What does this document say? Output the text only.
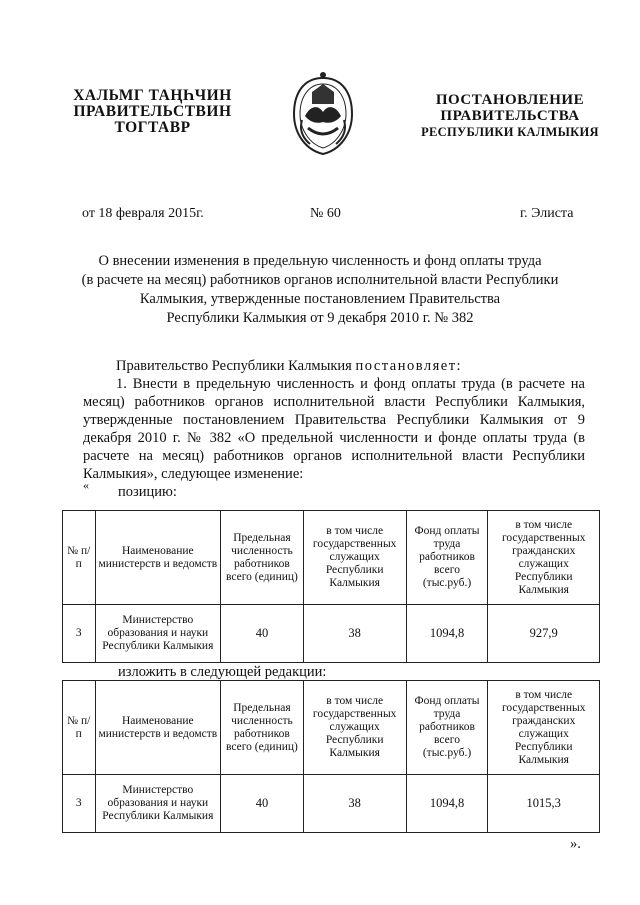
ХАЛЬМГ ТАҢҺЧИН
ПРАВИТЕЛЬСТВИН
ТОГТАВР
ПОСТАНОВЛЕНИЕ
ПРАВИТЕЛЬСТВА
РЕСПУБЛИКИ КАЛМЫКИЯ
от 18 февраля 2015г.	№ 60	г. Элиста
О внесении изменения в предельную численность и фонд оплаты труда
(в расчете на месяц) работников органов исполнительной власти Республики
Калмыкия, утвержденные постановлением Правительства
Республики Калмыкия от 9 декабря 2010 г. № 382
Правительство Республики Калмыкия постановляет:
1. Внести в предельную численность и фонд оплаты труда (в расчете на месяц) работников органов исполнительной власти Республики Калмыкия, утвержденные постановлением Правительства Республики Калмыкия от 9 декабря 2010 г. № 382 «О предельной численности и фонде оплаты труда (в расчете на месяц) работников органов исполнительной власти Республики Калмыкия», следующее изменение:
« позицию:
№ п/п	Наименование министерств и ведомств	Предельная численность работников всего (единиц)	в том числе государственных служащих Республики Калмыкия	Фонд оплаты труда работников всего (тыс.руб.)	в том числе государственных гражданских служащих Республики Калмыкия
3	Министерство образования и науки Республики Калмыкия	40	38	1094,8	927,9
изложить в следующей редакции:
№ п/п	Наименование министерств и ведомств	Предельная численность работников всего (единиц)	в том числе государственных служащих Республики Калмыкия	Фонд оплаты труда работников всего (тыс.руб.)	в том числе государственных гражданских служащих Республики Калмыкия
3	Министерство образования и науки Республики Калмыкия	40	38	1094,8	1015,3
».
